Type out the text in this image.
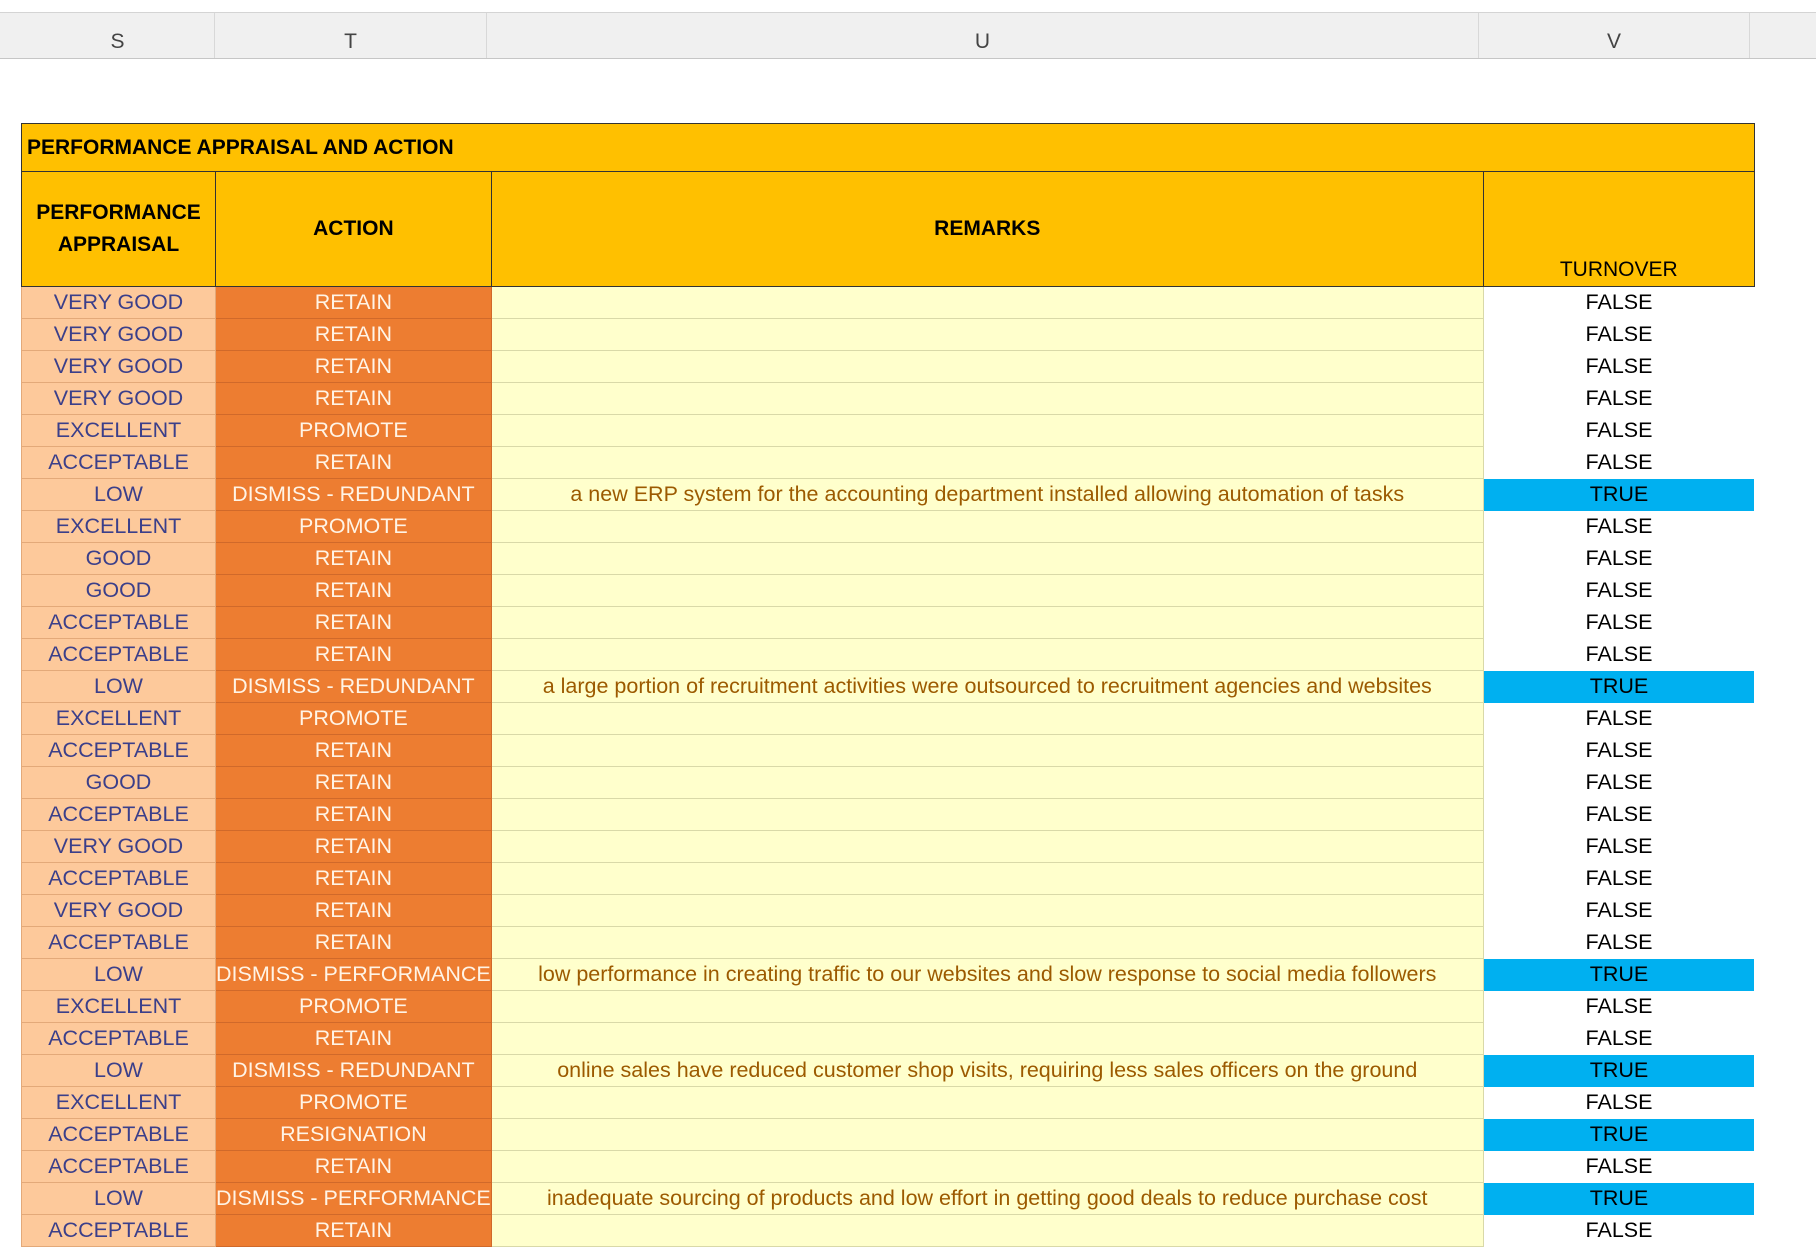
S	T	U	V
PERFORMANCE APPRAISAL AND ACTION			
PERFORMANCE APPRAISAL	ACTION	REMARKS	TURNOVER
VERY GOOD	RETAIN		FALSE
VERY GOOD	RETAIN		FALSE
VERY GOOD	RETAIN		FALSE
VERY GOOD	RETAIN		FALSE
EXCELLENT	PROMOTE		FALSE
ACCEPTABLE	RETAIN		FALSE
LOW	DISMISS - REDUNDANT	a new ERP system for the accounting department installed allowing automation of tasks	TRUE
EXCELLENT	PROMOTE		FALSE
GOOD	RETAIN		FALSE
GOOD	RETAIN		FALSE
ACCEPTABLE	RETAIN		FALSE
ACCEPTABLE	RETAIN		FALSE
LOW	DISMISS - REDUNDANT	a large portion of recruitment activities were outsourced to recruitment agencies and websites	TRUE
EXCELLENT	PROMOTE		FALSE
ACCEPTABLE	RETAIN		FALSE
GOOD	RETAIN		FALSE
ACCEPTABLE	RETAIN		FALSE
VERY GOOD	RETAIN		FALSE
ACCEPTABLE	RETAIN		FALSE
VERY GOOD	RETAIN		FALSE
ACCEPTABLE	RETAIN		FALSE
LOW	DISMISS - PERFORMANCE	low performance in creating traffic to our websites and slow response to social media followers	TRUE
EXCELLENT	PROMOTE		FALSE
ACCEPTABLE	RETAIN		FALSE
LOW	DISMISS - REDUNDANT	online sales have reduced customer shop visits, requiring less sales officers on the ground	TRUE
EXCELLENT	PROMOTE		FALSE
ACCEPTABLE	RESIGNATION		TRUE
ACCEPTABLE	RETAIN		FALSE
LOW	DISMISS - PERFORMANCE	inadequate sourcing of products and low effort in getting good deals to reduce purchase cost	TRUE
ACCEPTABLE	RETAIN		FALSE
